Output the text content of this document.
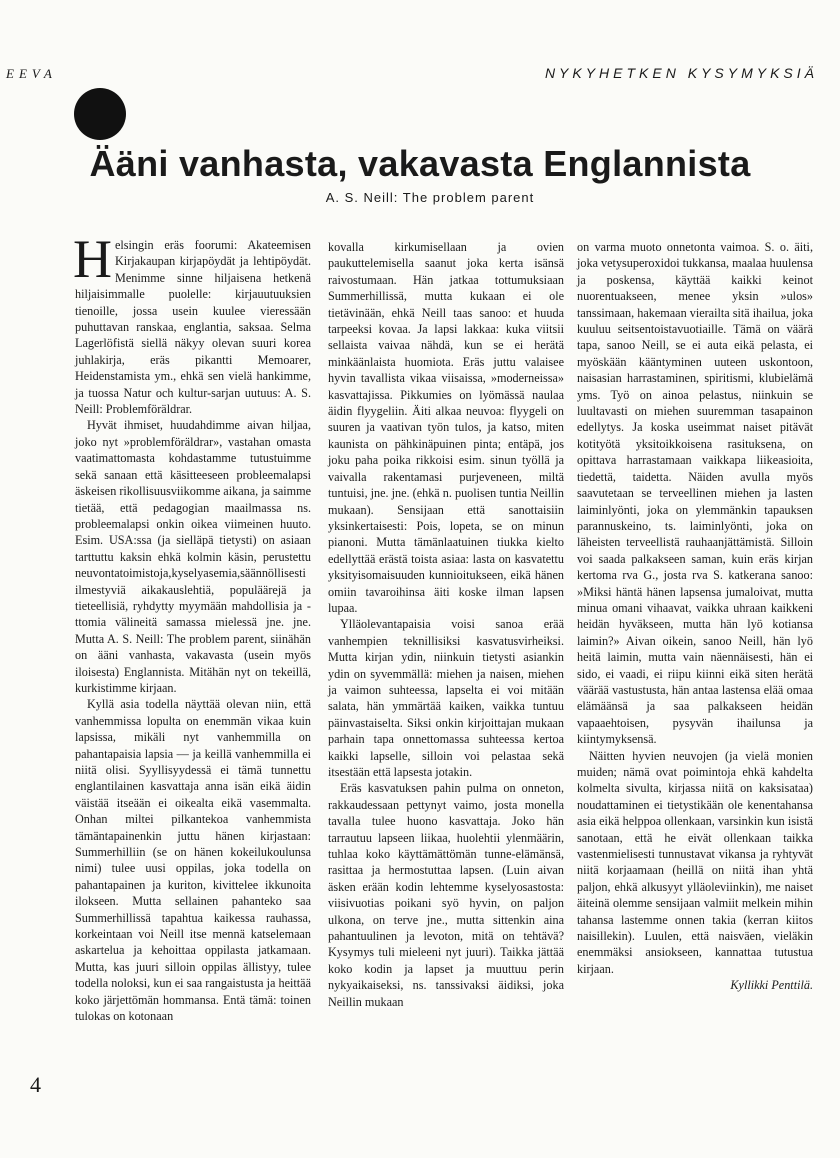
EEVA	NYKYHETKEN KYSYMYKSIÄ
Ääni vanhasta, vakavasta Englannista
A. S. Neill: The problem parent

Helsingin eräs foorumi: Akateemisen Kirjakaupan kirjapöydät ja lehtipöydät. Menimme sinne hiljaisena hetkenä hiljaisimmalle puolelle: kirjauutuuksien tienoille, jossa usein kuulee vieressään puhuttavan ranskaa, englantia, saksaa. Selma Lagerlöfistä siellä näkyy olevan suuri korea juhlakirja, eräs pikantti Memoarer, Heidenstamista ym., ehkä sen vielä hankimme, ja tuossa Natur och kultur-sarjan uutuus: A. S. Neill: Problemföräldrar.

Hyvät ihmiset, huudahdimme aivan hiljaa, joko nyt »problemföräldrar», vastahan omasta vaatimattomasta kohdastamme tutustuimme sekä sanaan että käsitteeseen probleemalapsi äskeisen rikollisuusviikomme aikana, ja saimme tietää, että pedagogian maailmassa ns. probleemalapsi onkin oikea viimeinen huuto. Esim. USA:ssa (ja sielläpä tietysti) on asiaan tarttuttu kaksin ehkä kolmin käsin, perustettu neuvontatoimistoja,kyselyasemia,säännöllisesti ilmestyviä aikakauslehtiä, populäärejä ja tieteellisiä, ryhdytty myymään mahdollisia ja -ttomia välineitä samassa mielessä jne. jne. Mutta A. S. Neill: The problem parent, siinähän on ääni vanhasta, vakavasta (usein myös iloisesta) Englannista. Mitähän nyt on tekeillä, kurkistimme kirjaan.

Kyllä asia todella näyttää olevan niin, että vanhemmissa lopulta on enemmän vikaa kuin lapsissa, mikäli nyt vanhemmilla on pahantapaisia lapsia — ja keillä vanhemmilla ei niitä olisi. Syyllisyydessä ei tämä tunnettu englantilainen kasvattaja anna isän eikä äidin väistää itseään ei oikealta eikä vasemmalta. Onhan miltei pilkantekoa vanhemmista tämäntapainenkin juttu hänen kirjastaan: Summerhilliin (se on hänen kokeilukoulunsa nimi) tulee uusi oppilas, joka todella on pahantapainen ja kuriton, kivittelee ikkunoita ilokseen. Mutta sellainen pahanteko saa Summerhillissä tapahtua kaikessa rauhassa, korkeintaan voi Neill itse mennä katselemaan askartelua ja kehoittaa oppilasta jatkamaan. Mutta, kas juuri silloin oppilas ällistyy, tulee todella noloksi, kun ei saa rangaistusta ja heittää koko järjettömän hommansa. Entä tämä: toinen tulokas on kotonaan

kovalla kirkumisellaan ja ovien paukuttelemisella saanut joka kerta isänsä raivostumaan. Hän jatkaa tottumuksiaan Summerhillissä, mutta kukaan ei ole tietävinään, ehkä Neill taas sanoo: et huuda tarpeeksi kovaa. Ja lapsi lakkaa: kuka viitsii sellaista vaivaa nähdä, kun se ei herätä minkäänlaista huomiota. Eräs juttu valaisee hyvin tavallista vikaa viisaissa, »moderneissa» kasvattajissa. Pikkumies on lyömässä naulaa äidin flyygeliin. Äiti alkaa neuvoa: flyygeli on suuren ja vaativan työn tulos, ja katso, miten kaunista on pähkinäpuinen pinta; entäpä, jos joku paha poika rikkoisi esim. sinun työllä ja vaivalla rakentamasi purjeveneen, miltä tuntuisi, jne. jne. (ehkä n. puolisen tuntia Neillin mukaan). Sensijaan että sanottaisiin yksinkertaisesti: Pois, lopeta, se on minun pianoni. Mutta tämänlaatuinen tiukka kielto edellyttää erästä toista asiaa: lasta on kasvatettu yksityisomaisuuden kunnioitukseen, eikä hänen omiin tavaroihinsa äiti koske ilman lapsen lupaa.

Ylläolevantapaisia voisi sanoa erää vanhempien teknillisiksi kasvatusvirheiksi. Mutta kirjan ydin, niinkuin tietysti asiankin ydin on syvemmällä: miehen ja naisen, miehen ja vaimon suhteessa, lapselta ei voi mitään salata, hän ymmärtää kaiken, vaikka tuntuu päinvastaiselta. Siksi onkin kirjoittajan mukaan parhain tapa onnettomassa suhteessa kertoa kaikki lapselle, silloin voi pelastaa sekä itsestään että lapsesta jotakin.

Eräs kasvatuksen pahin pulma on onneton, rakkaudessaan pettynyt vaimo, josta monella tavalla tulee huono kasvattaja. Joko hän tarrautuu lapseen liikaa, huolehtii ylenmäärin, tuhlaa koko käyttämättömän tunne-elämänsä, rasittaa ja hermostuttaa lapsen. (Luin aivan äsken erään kodin lehtemme kyselyosastosta: viisivuotias poikani syö hyvin, on paljon ulkona, on terve jne., mutta sittenkin aina pahantuulinen ja levoton, mitä on tehtävä? Kysymys tuli mieleeni nyt juuri). Taikka jättää koko kodin ja lapset ja muuttuu perin nykyaikaiseksi, ns. tanssivaksi äidiksi, joka Neillin mukaan

on varma muoto onnetonta vaimoa. S. o. äiti, joka vetysuperoxidoi tukkansa, maalaa huulensa ja poskensa, käyttää kaikki keinot nuorentuakseen, menee yksin »ulos» tanssimaan, hakemaan vierailta sitä ihailua, joka kuuluu seitsentoistavuotiaille. Tämä on väärä tapa, sanoo Neill, se ei auta eikä pelasta, ei myöskään kääntyminen uuteen uskontoon, naisasian harrastaminen, spiritismi, klubielämä yms. Työ on ainoa pelastus, niinkuin se luultavasti on miehen suuremman tasapainon edellytys. Ja koska useimmat naiset pitävät kotityötä yksitoikkoisena rasituksena, on opittava harrastamaan vaikkapa liikeasioita, tiedettä, taidetta. Näiden avulla myös saavutetaan se terveellinen miehen ja lasten laiminlyönti, joka on ylemmänkin tapauksen parannuskeino, ts. laiminlyönti, joka on läheisten terveellistä rauhaanjättämistä. Silloin voi saada palkakseen saman, kuin eräs kirjan kertoma rva G., josta rva S. katkerana sanoo: »Miksi häntä hänen lapsensa jumaloivat, mutta minua omani vihaavat, vaikka uhraan kaikkeni heidän hyväkseen, mutta hän lyö kotiansa laimin?» Aivan oikein, sanoo Neill, hän lyö heitä laimin, mutta vain näennäisesti, hän ei sido, ei vaadi, ei riipu kiinni eikä siten herätä väärää vastustusta, hän antaa lastensa elää omaa elämäänsä ja saa palkakseen heidän vapaaehtoisen, pysyvän ihailunsa ja kiintymyksensä.

Näitten hyvien neuvojen (ja vielä monien muiden; nämä ovat poimintoja ehkä kahdelta kolmelta sivulta, kirjassa niitä on kaksisataa) noudattaminen ei tietystikään ole kenentahansa asia eikä helppoa ollenkaan, varsinkin kun isistä sanotaan, että he eivät ollenkaan taikka vastenmielisesti tunnustavat vikansa ja ryhtyvät niitä korjaamaan (heillä on niitä ihan yhtä paljon, ehkä alkusyyt ylläoleviinkin), me naiset äiteinä olemme sensijaan valmiit melkein mihin tahansa lastemme onnen takia (kerran kiitos naisillekin). Luulen, että naisväen, vieläkin enemmäksi ansiokseen, kannattaa tutustua kirjaan.

Kyllikki Penttilä.

4
